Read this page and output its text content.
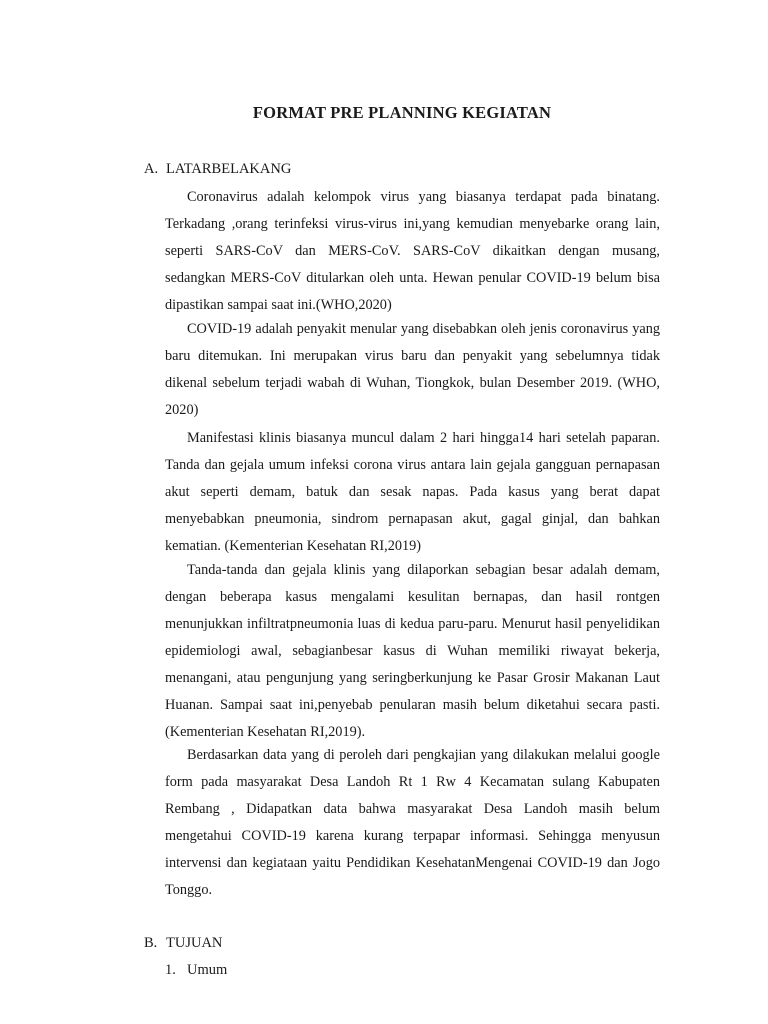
FORMAT PRE PLANNING KEGIATAN
A. LATARBELAKANG

Coronavirus adalah kelompok virus yang biasanya terdapat pada binatang. Terkadang ,orang terinfeksi virus-virus ini,yang kemudian menyebarke orang lain, seperti SARS-CoV dan MERS-CoV. SARS-CoV dikaitkan dengan musang, sedangkan MERS-CoV ditularkan oleh unta. Hewan penular COVID-19 belum bisa dipastikan sampai saat ini.(WHO,2020)

COVID-19 adalah penyakit menular yang disebabkan oleh jenis coronavirus yang baru ditemukan. Ini merupakan virus baru dan penyakit yang sebelumnya tidak dikenal sebelum terjadi wabah di Wuhan, Tiongkok, bulan Desember 2019. (WHO, 2020)

Manifestasi klinis biasanya muncul dalam 2 hari hingga14 hari setelah paparan. Tanda dan gejala umum infeksi corona virus antara lain gejala gangguan pernapasan akut seperti demam, batuk dan sesak napas. Pada kasus yang berat dapat menyebabkan pneumonia, sindrom pernapasan akut, gagal ginjal, dan bahkan kematian. (Kementerian Kesehatan RI,2019)

Tanda-tanda dan gejala klinis yang dilaporkan sebagian besar adalah demam, dengan beberapa kasus mengalami kesulitan bernapas, dan hasil rontgen menunjukkan infiltratpneumonia luas di kedua paru-paru. Menurut hasil penyelidikan epidemiologi awal, sebagianbesar kasus di Wuhan memiliki riwayat bekerja, menangani, atau pengunjung yang seringberkunjung ke Pasar Grosir Makanan Laut Huanan. Sampai saat ini,penyebab penularan masih belum diketahui secara pasti.(Kementerian Kesehatan RI,2019).

Berdasarkan data yang di peroleh dari pengkajian yang dilakukan melalui google form pada masyarakat Desa Landoh Rt 1 Rw 4 Kecamatan sulang Kabupaten Rembang , Didapatkan data bahwa masyarakat Desa Landoh masih belum mengetahui COVID-19 karena kurang terpapar informasi. Sehingga menyusun intervensi dan kegiataan yaitu Pendidikan KesehatanMengenai COVID-19 dan Jogo Tonggo.

B. TUJUAN
1. Umum
